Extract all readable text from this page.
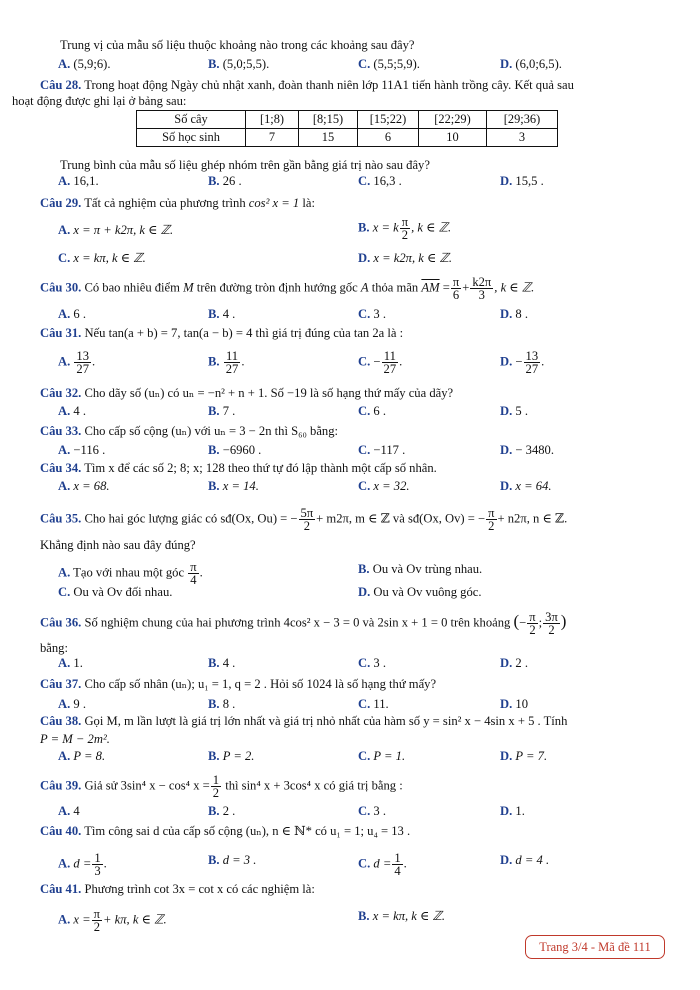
Trung vị của mẫu số liệu thuộc khoảng nào trong các khoảng sau đây?
A. (5,9;6).	B. (5,0;5,5).	C. (5,5;5,9).	D. (6,0;6,5).
Câu 28. Trong hoạt động Ngày chủ nhật xanh, đoàn thanh niên lớp 11A1 tiến hành trồng cây. Kết quả sau
hoạt động được ghi lại ở bảng sau:
Số cây	[1;8)	[8;15)	[15;22)	[22;29)	[29;36)
Số học sinh	7	15	6	10	3
Trung bình của mẫu số liệu ghép nhóm trên gần bằng giá trị nào sau đây?
A. 16,1.	B. 26 .	C. 16,3 .	D. 15,5 .
Câu 29. Tất cả nghiệm của phương trình cos² x = 1 là:
A. x = π + k2π, k ∈ ℤ.	B. x = k $\frac{\pi}{2}$ , k ∈ ℤ.
C. x = kπ, k ∈ ℤ.	D. x = k2π, k ∈ ℤ.
Câu 30. Có bao nhiêu điểm M trên đường tròn định hướng gốc A thỏa mãn $\overline{AM} = \frac{\pi}{6} + \frac{k2\pi}{3}$ , k ∈ ℤ.
A. 6 .	B. 4 .	C. 3 .	D. 8 .
Câu 31. Nếu tan(a + b) = 7, tan(a − b) = 4 thì giá trị đúng của tan 2a là :
A. $\frac{13}{27}$ .	B. $\frac{11}{27}$ .	C. − $\frac{11}{27}$ .	D. − $\frac{13}{27}$ .
Câu 32. Cho dãy số (uₙ) có uₙ = −n² + n + 1. Số −19 là số hạng thứ mấy của dãy?
A. 4 .	B. 7 .	C. 6 .	D. 5 .
Câu 33. Cho cấp số cộng (uₙ) với uₙ = 3 − 2n thì S₆₀ bằng:
A. −116 .	B. −6960 .	C. −117 .	D. − 3480.
Câu 34. Tìm x để các số 2; 8; x; 128 theo thứ tự đó lập thành một cấp số nhân.
A. x = 68.	B. x = 14.	C. x = 32.	D. x = 64.
Câu 35. Cho hai góc lượng giác có sđ(Ox, Ou) = − $\frac{5\pi}{2} + m2\pi$, m ∈ ℤ và sđ(Ox, Ov) = − $\frac{\pi}{2} + n2\pi$, n ∈ ℤ.
Khẳng định nào sau đây đúng?
A. Tạo với nhau một góc $\frac{\pi}{4}$ .	B. Ou và Ov trùng nhau.
C. Ou và Ov đối nhau.	D. Ou và Ov vuông góc.
Câu 36. Số nghiệm chung của hai phương trình 4cos² x − 3 = 0 và 2sin x + 1 = 0 trên khoảng (− $\frac{\pi}{2}$ ; $\frac{3\pi}{2}$ )
bằng:
A. 1.	B. 4 .	C. 3 .	D. 2 .
Câu 37. Cho cấp số nhân (uₙ); u₁ = 1, q = 2 . Hỏi số 1024 là số hạng thứ mấy?
A. 9 .	B. 8 .	C. 11.	D. 10
Câu 38. Gọi M, m lần lượt là giá trị lớn nhất và giá trị nhỏ nhất của hàm số y = sin² x − 4sin x + 5 . Tính
P = M − 2m².
A. P = 8.	B. P = 2.	C. P = 1.	D. P = 7.
Câu 39. Giả sử 3sin⁴ x − cos⁴ $x = \frac{1}{2}$ thì sin⁴ x + 3cos⁴ x có giá trị bằng :
A. 4	B. 2 .	C. 3 .	D. 1.
Câu 40. Tìm công sai d của cấp số cộng (uₙ), n ∈ ℕ* có u₁ = 1; u₄ = 13 .
A. $d = \frac{1}{3}$ .	B. d = 3 .	C. $d = \frac{1}{4}$ .	D. d = 4 .
Câu 41. Phương trình cot 3x = cot x có các nghiệm là:
A. $x = \frac{\pi}{2} + k\pi$, k ∈ ℤ.	B. x = kπ, k ∈ ℤ.
Trang 3/4 - Mã đề 111
